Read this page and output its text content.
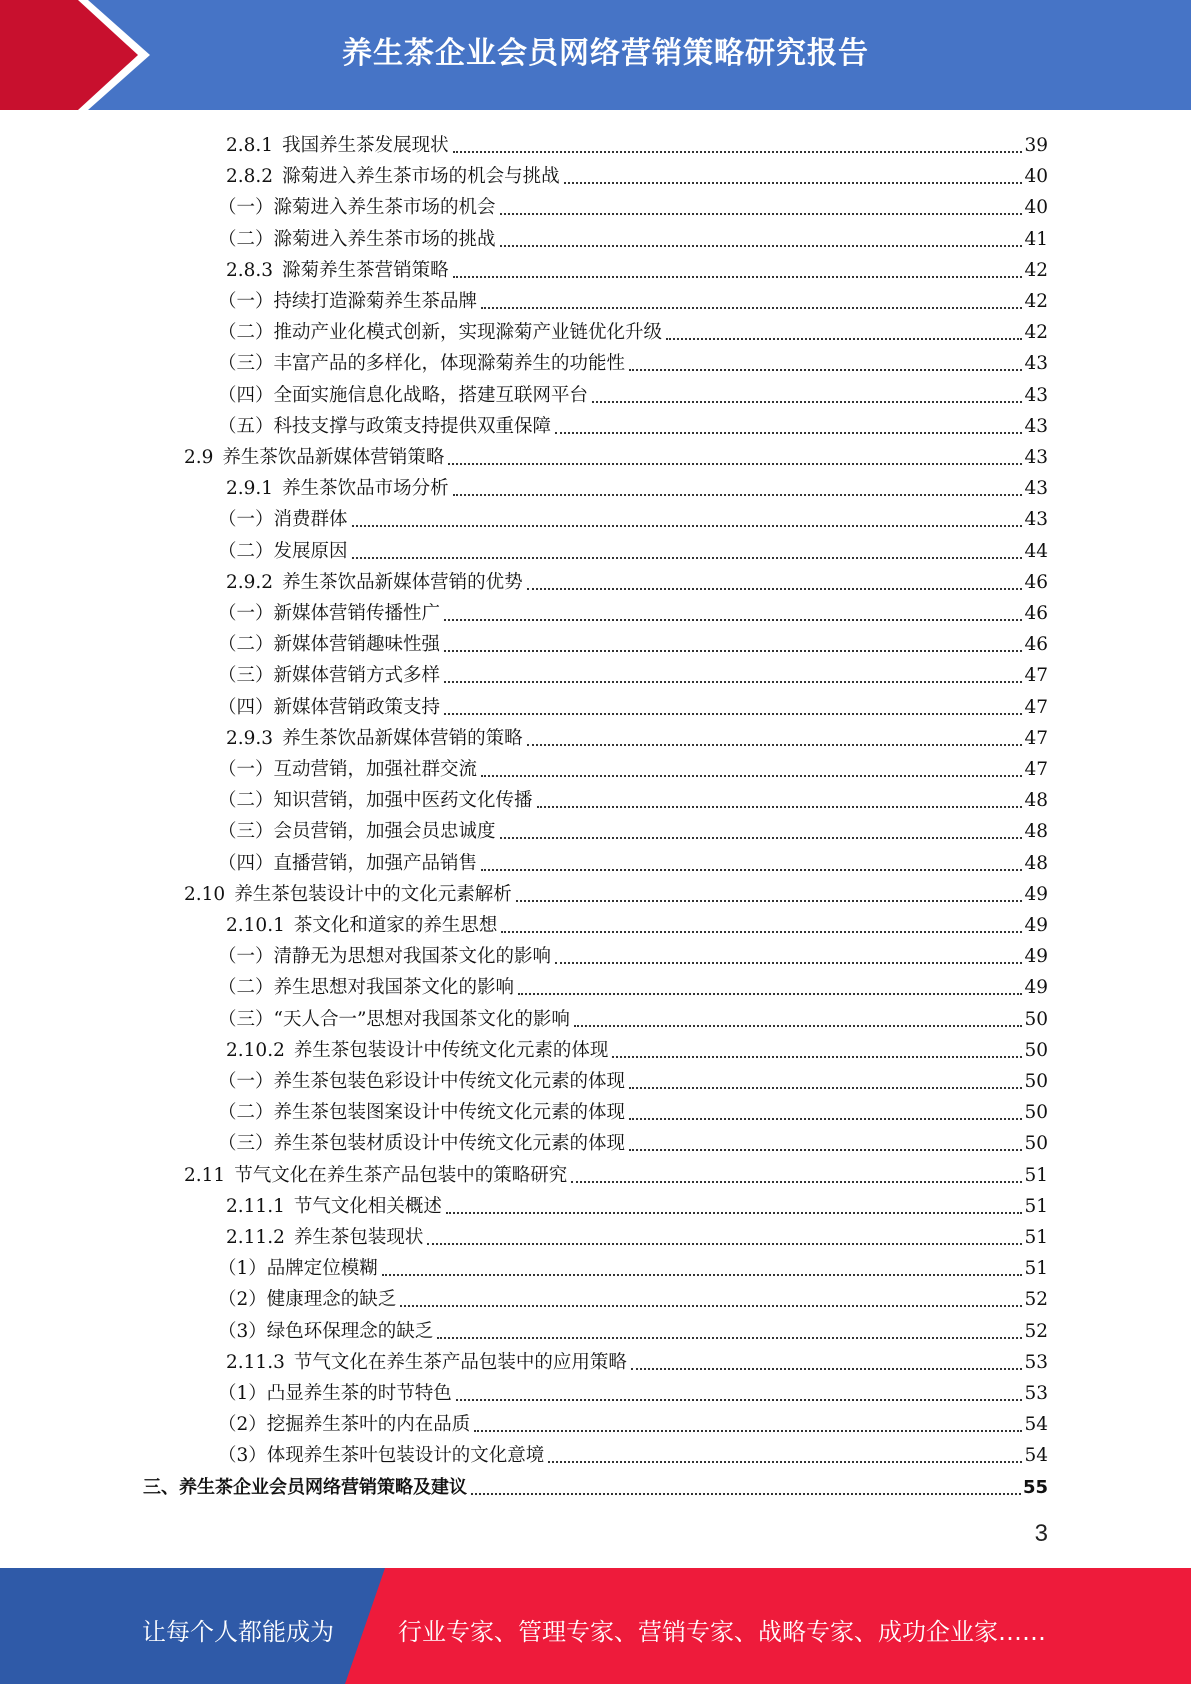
养生茶企业会员网络营销策略研究报告
2.8.1 我国养生茶发展现状	39
2.8.2 滁菊进入养生茶市场的机会与挑战	40
（一）滁菊进入养生茶市场的机会	40
（二）滁菊进入养生茶市场的挑战	41
2.8.3 滁菊养生茶营销策略	42
（一）持续打造滁菊养生茶品牌	42
（二）推动产业化模式创新，实现滁菊产业链优化升级	42
（三）丰富产品的多样化，体现滁菊养生的功能性	43
（四）全面实施信息化战略，搭建互联网平台	43
（五）科技支撑与政策支持提供双重保障	43
2.9 养生茶饮品新媒体营销策略	43
2.9.1 养生茶饮品市场分析	43
（一）消费群体	43
（二）发展原因	44
2.9.2 养生茶饮品新媒体营销的优势	46
（一）新媒体营销传播性广	46
（二）新媒体营销趣味性强	46
（三）新媒体营销方式多样	47
（四）新媒体营销政策支持	47
2.9.3 养生茶饮品新媒体营销的策略	47
（一）互动营销，加强社群交流	47
（二）知识营销，加强中医药文化传播	48
（三）会员营销，加强会员忠诚度	48
（四）直播营销，加强产品销售	48
2.10 养生茶包装设计中的文化元素解析	49
2.10.1 茶文化和道家的养生思想	49
（一）清静无为思想对我国茶文化的影响	49
（二）养生思想对我国茶文化的影响	49
（三）“天人合一”思想对我国茶文化的影响	50
2.10.2 养生茶包装设计中传统文化元素的体现	50
（一）养生茶包装色彩设计中传统文化元素的体现	50
（二）养生茶包装图案设计中传统文化元素的体现	50
（三）养生茶包装材质设计中传统文化元素的体现	50
2.11 节气文化在养生茶产品包装中的策略研究	51
2.11.1 节气文化相关概述	51
2.11.2 养生茶包装现状	51
（1）品牌定位模糊	51
（2）健康理念的缺乏	52
（3）绿色环保理念的缺乏	52
2.11.3 节气文化在养生茶产品包装中的应用策略	53
（1）凸显养生茶的时节特色	53
（2）挖掘养生茶叶的内在品质	54
（3）体现养生茶叶包装设计的文化意境	54
三、养生茶企业会员网络营销策略及建议	55
3
让每个人都能成为	行业专家、管理专家、营销专家、战略专家、成功企业家……
